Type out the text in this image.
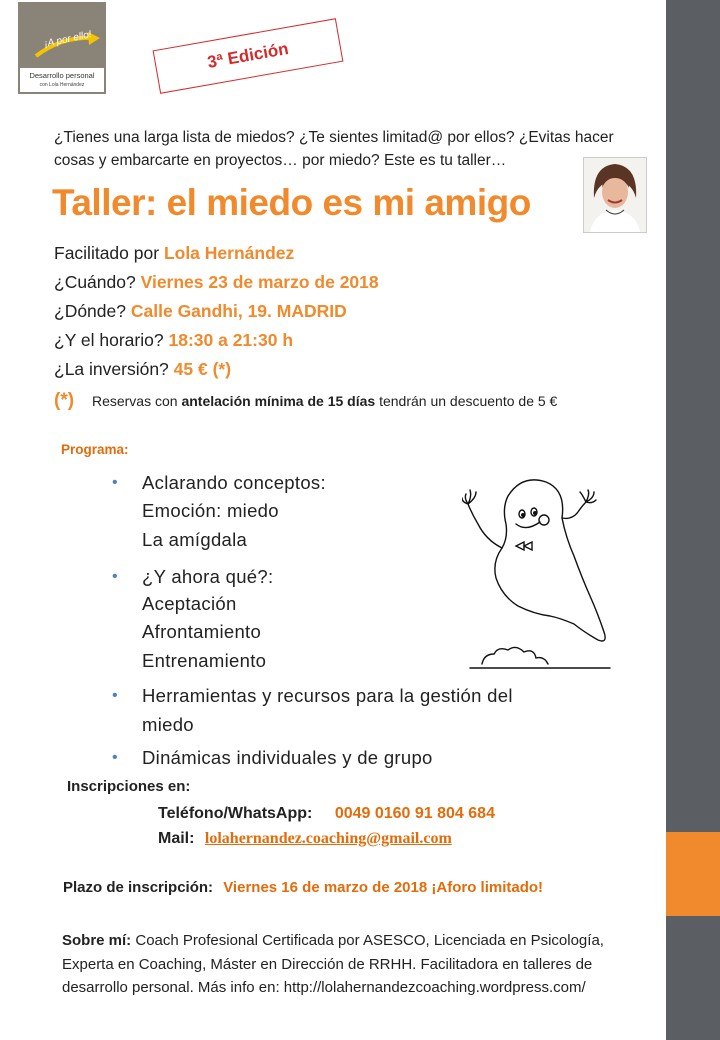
¡A por ello!
Desarrollo personal
con Lola Hernández
3ª Edición
¿Tienes una larga lista de miedos? ¿Te sientes limitad@ por ellos? ¿Evitas hacer cosas y embarcarte en proyectos… por miedo? Este es tu taller…
Taller: el miedo es mi amigo
Facilitado por Lola Hernández
¿Cuándo? Viernes 23 de marzo de 2018
¿Dónde? Calle Gandhi, 19. MADRID
¿Y el horario? 18:30 a 21:30 h
¿La inversión? 45 € (*)
(*) Reservas con antelación mínima de 15 días tendrán un descuento de 5 €
Programa:
•
•
•
•
Aclarando conceptos:
Emoción: miedo
La amígdala
¿Y ahora qué?:
Aceptación
Afrontamiento
Entrenamiento
Herramientas y recursos para la gestión del
miedo
Dinámicas individuales y de grupo
Inscripciones en:
Teléfono/WhatsApp: 0049 0160 91 804 684
Mail: lolahernandez.coaching@gmail.com
Plazo de inscripción: Viernes 16 de marzo de 2018 ¡Aforo limitado!
Sobre mí: Coach Profesional Certificada por ASESCO, Licenciada en Psicología, Experta en Coaching, Máster en Dirección de RRHH. Facilitadora en talleres de desarrollo personal. Más info en: http://lolahernandezcoaching.wordpress.com/
